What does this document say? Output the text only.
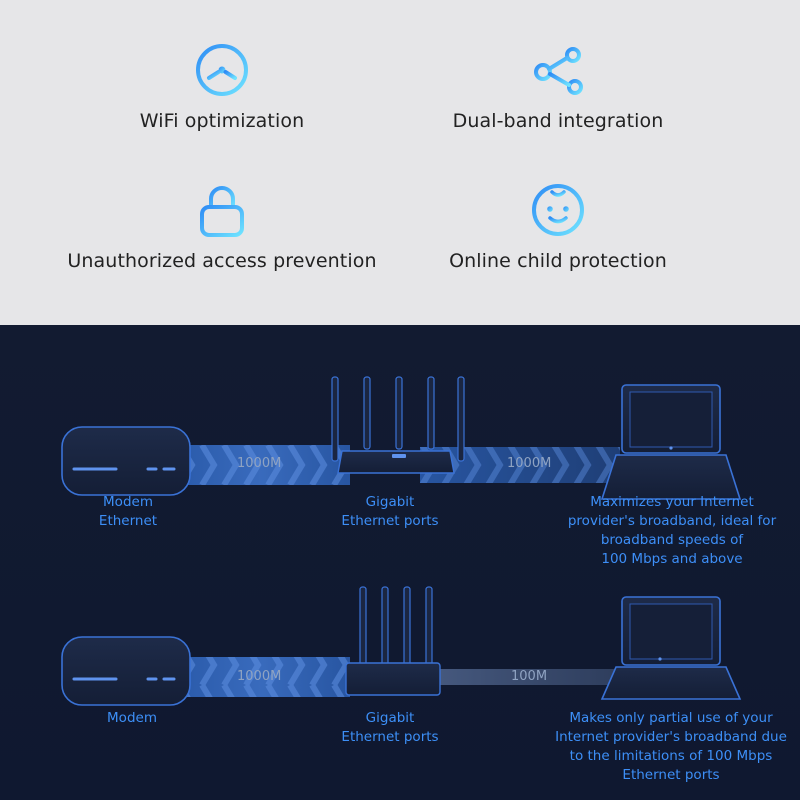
WiFi optimization	Dual-band integration
Unauthorized access prevention	Online child protection
1000M	1000M
1000M	100M
Modem
Ethernet
Gigabit
Ethernet ports
Maximizes your Internet
provider's broadband, ideal for
broadband speeds of
100 Mbps and above
Modem	Gigabit
Ethernet ports
Makes only partial use of your
Internet provider's broadband due
to the limitations of 100 Mbps
Ethernet ports
